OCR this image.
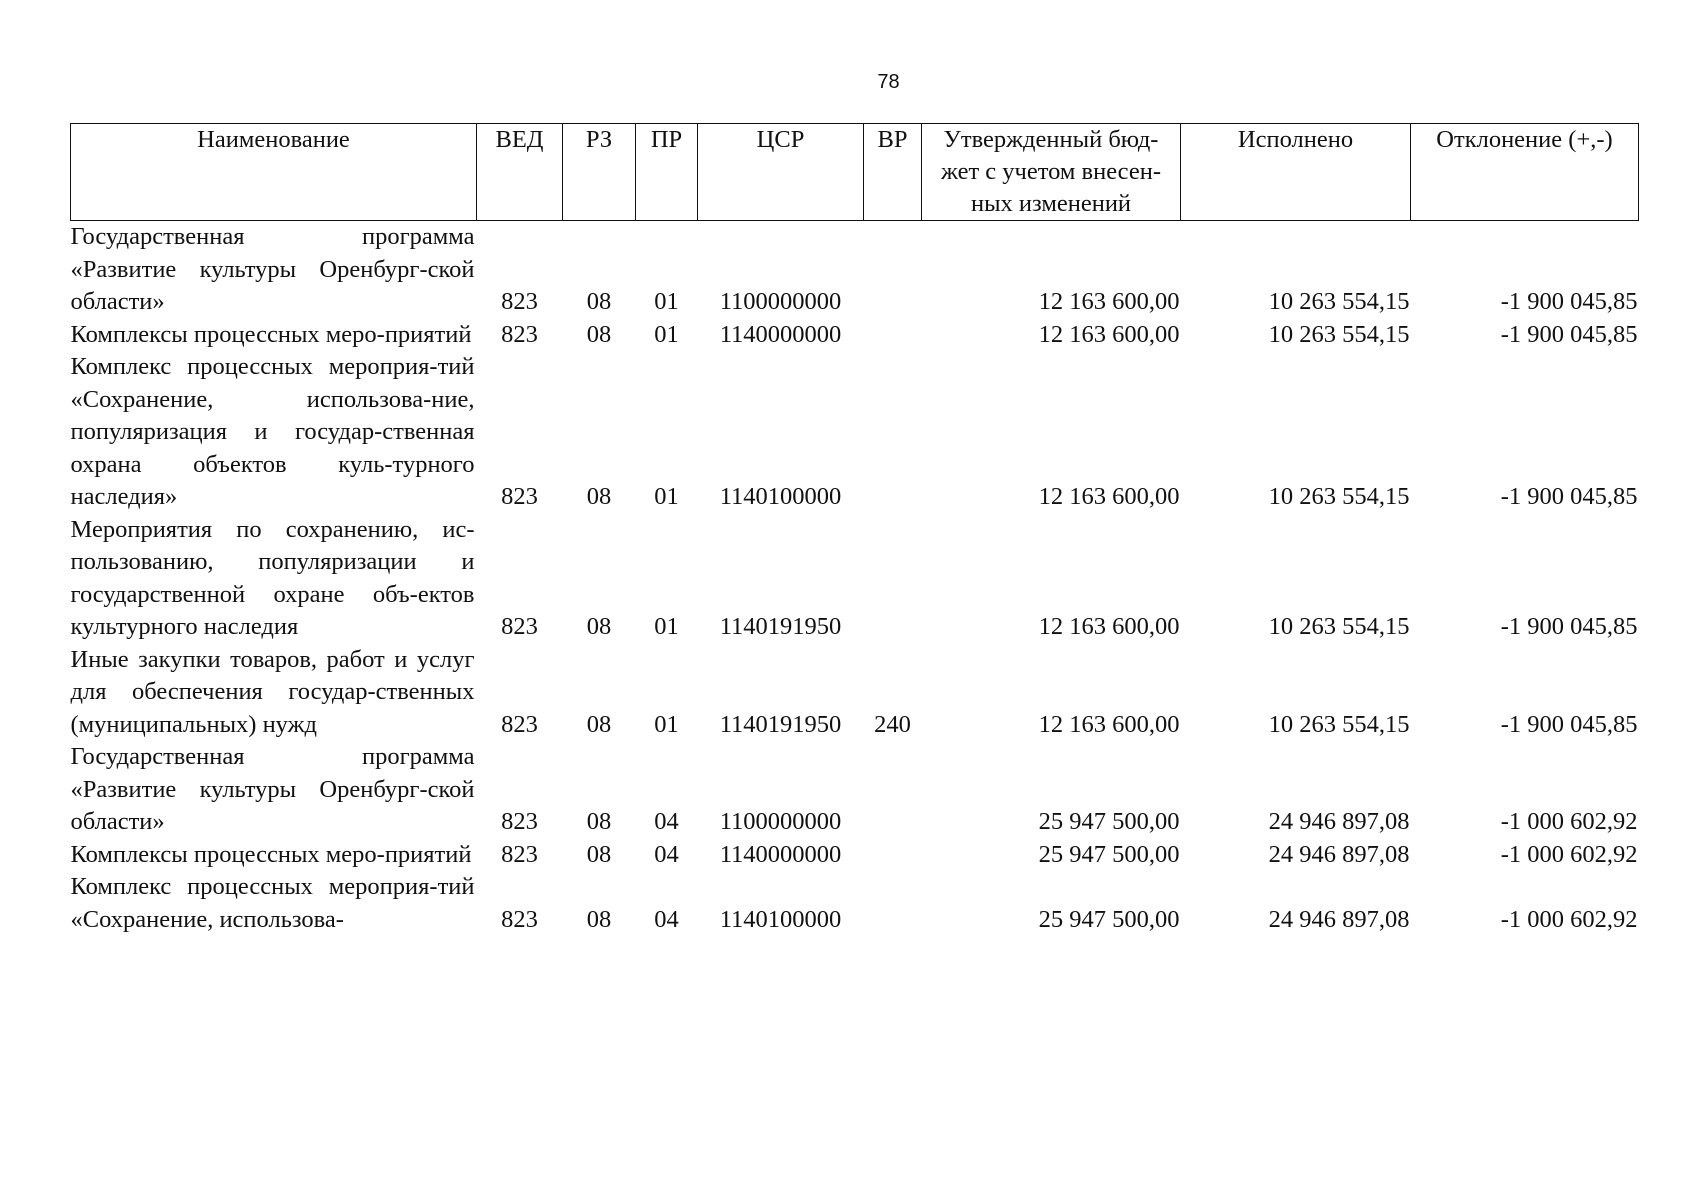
78
Наименование	ВЕД	РЗ	ПР	ЦСР	ВР	Утвержденный бюд-жет с учетом внесен-ных изменений	Исполнено	Отклонение (+,-)
Государственная программа «Развитие культуры Оренбург-ской области»	823	08	01	1100000000		12 163 600,00	10 263 554,15	-1 900 045,85
Комплексы процессных меро-приятий	823	08	01	1140000000		12 163 600,00	10 263 554,15	-1 900 045,85
Комплекс процессных мероприя-тий «Сохранение, использова-ние, популяризация и государ-ственная охрана объектов куль-турного наследия»	823	08	01	1140100000		12 163 600,00	10 263 554,15	-1 900 045,85
Мероприятия по сохранению, ис-пользованию, популяризации и государственной охране объ-ектов культурного наследия	823	08	01	1140191950		12 163 600,00	10 263 554,15	-1 900 045,85
Иные закупки товаров, работ и услуг для обеспечения государ-ственных (муниципальных) нужд	823	08	01	1140191950	240	12 163 600,00	10 263 554,15	-1 900 045,85
Государственная программа «Развитие культуры Оренбург-ской области»	823	08	04	1100000000		25 947 500,00	24 946 897,08	-1 000 602,92
Комплексы процессных меро-приятий	823	08	04	1140000000		25 947 500,00	24 946 897,08	-1 000 602,92
Комплекс процессных мероприя-тий «Сохранение, использова-	823	08	04	1140100000		25 947 500,00	24 946 897,08	-1 000 602,92
